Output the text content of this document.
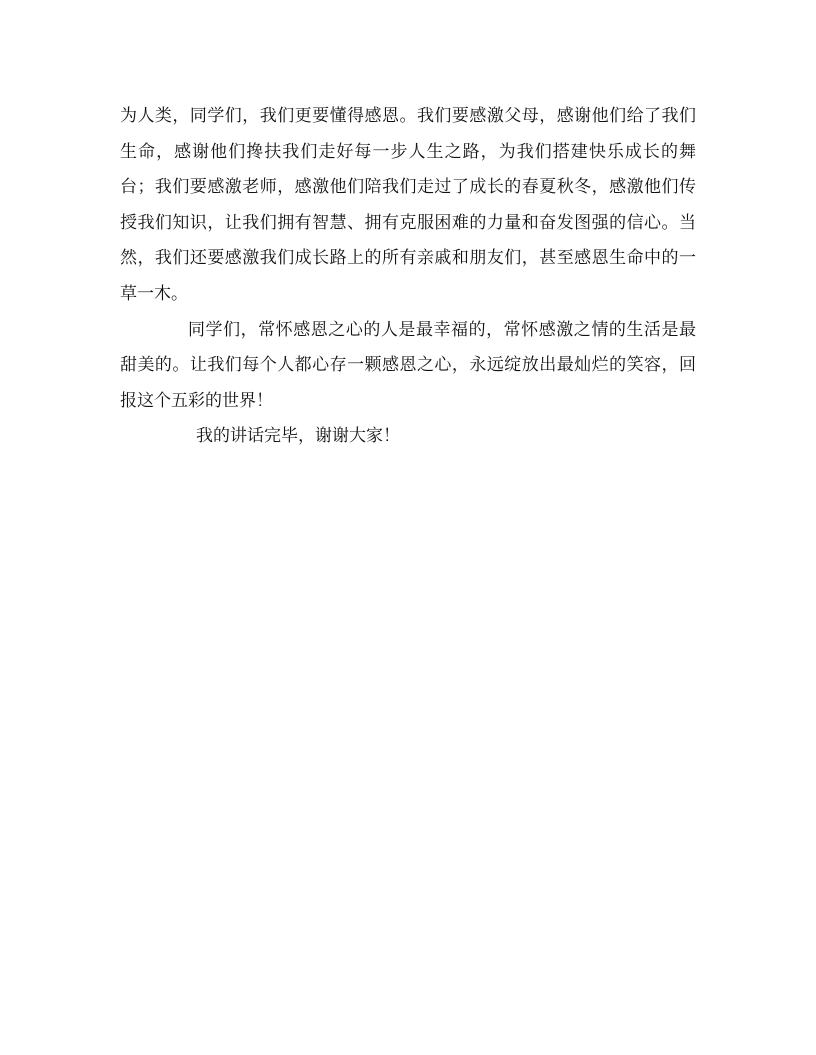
为人类，同学们，我们更要懂得感恩。我们要感激父母，感谢他们给了我们生命，感谢他们搀扶我们走好每一步人生之路，为我们搭建快乐成长的舞台；我们要感激老师，感激他们陪我们走过了成长的春夏秋冬，感激他们传授我们知识，让我们拥有智慧、拥有克服困难的力量和奋发图强的信心。当然，我们还要感激我们成长路上的所有亲戚和朋友们，甚至感恩生命中的一草一木。

同学们，常怀感恩之心的人是最幸福的，常怀感激之情的生活是最甜美的。让我们每个人都心存一颗感恩之心，永远绽放出最灿烂的笑容，回报这个五彩的世界！

我的讲话完毕，谢谢大家！
